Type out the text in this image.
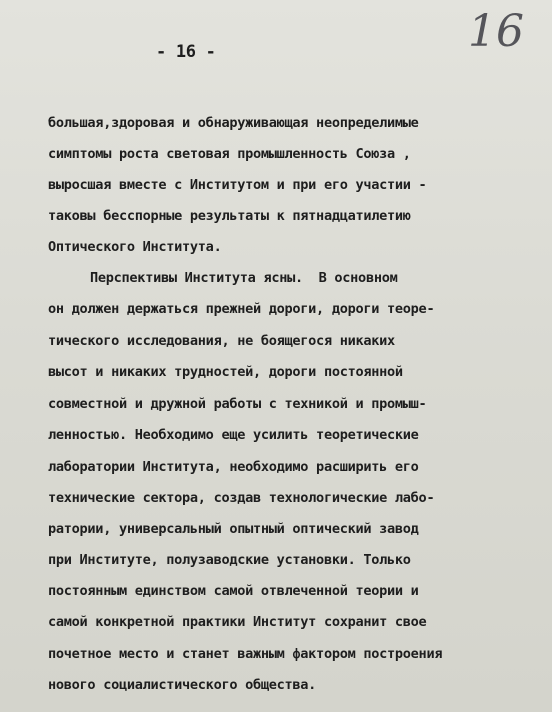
- 16 -	16

большая,здоровая и обнаруживающая неопределимые

симптомы роста световая промышленность Союза ,

выросшая вместе с Институтом и при его участии -

таковы бесспорные результаты к пятнадцатилетию

Оптического Института.

Перспективы Института ясны.  В основном

он должен держаться прежней дороги, дороги теоре-

тического исследования, не боящегося никаких

высот и никаких трудностей, дороги постоянной

совместной и дружной работы с техникой и промыш-

ленностью. Необходимо еще усилить теоретические

лаборатории Института, необходимо расширить его

технические сектора, создав технологические лабо-

ратории, универсальный опытный оптический завод

при Институте, полузаводские установки. Только

постоянным единством самой отвлеченной теории и

самой конкретной практики Институт сохранит свое

почетное место и станет важным фактором построения

нового социалистического общества.
